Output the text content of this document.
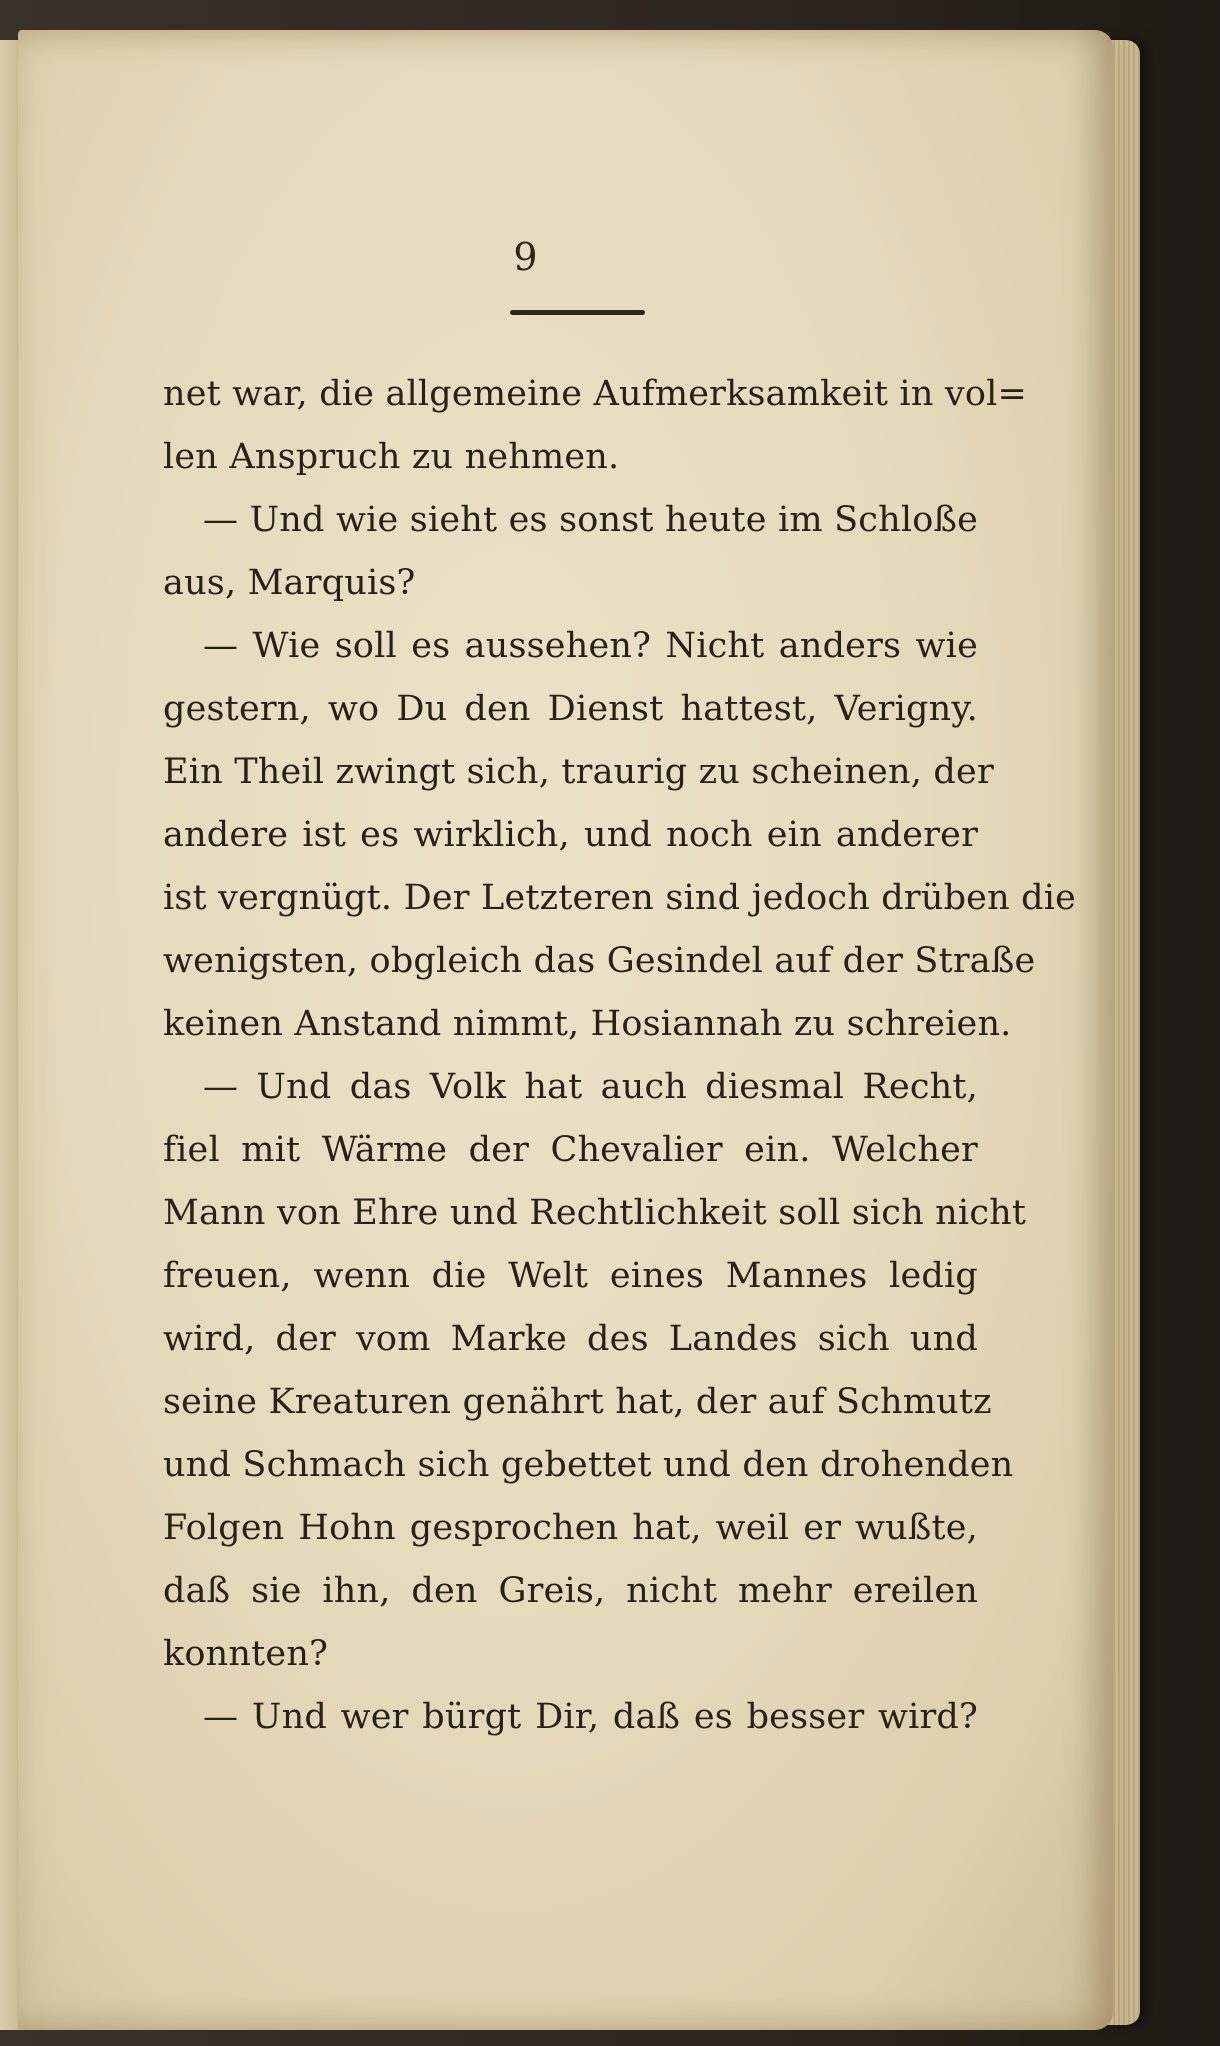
9
net war, die allgemeine Aufmerksamkeit in vol=
len Anspruch zu nehmen.
— Und wie sieht es sonst heute im Schloße
aus, Marquis?
— Wie soll es aussehen? Nicht anders wie
gestern, wo Du den Dienst hattest, Verigny.
Ein Theil zwingt sich, traurig zu scheinen, der
andere ist es wirklich, und noch ein anderer
ist vergnügt. Der Letzteren sind jedoch drüben die
wenigsten, obgleich das Gesindel auf der Straße
keinen Anstand nimmt, Hosiannah zu schreien.
— Und das Volk hat auch diesmal Recht,
fiel mit Wärme der Chevalier ein. Welcher
Mann von Ehre und Rechtlichkeit soll sich nicht
freuen, wenn die Welt eines Mannes ledig
wird, der vom Marke des Landes sich und
seine Kreaturen genährt hat, der auf Schmutz
und Schmach sich gebettet und den drohenden
Folgen Hohn gesprochen hat, weil er wußte,
daß sie ihn, den Greis, nicht mehr ereilen
konnten?
— Und wer bürgt Dir, daß es besser wird?
